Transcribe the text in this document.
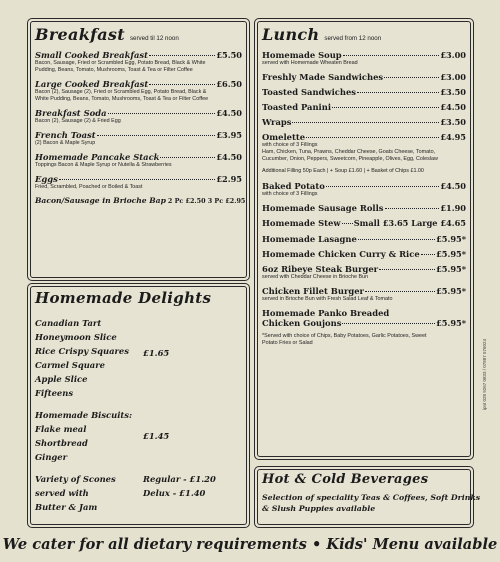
Breakfast served til 12 noon
Small Cooked Breakfast	£5.50
Bacon, Sausage, Fried or Scrambled Egg, Potato Bread, Black & White
Pudding, Beans, Tomato, Mushrooms, Toast & Tea or Filter Coffee
Large Cooked Breakfast	£6.50
Bacon (2), Sausage (2), Fried or Scrambled Egg, Potato Bread, Black &
White Pudding, Beans, Tomato, Mushrooms, Toast & Tea or Filter Coffee
Breakfast Soda	£4.50
Bacon (2), Sausage (2) & Fried Egg
French Toast	£3.95
(2) Bacon & Maple Syrup
Homemade Pancake Stack	£4.50
Toppings Bacon & Maple Syrup or Nutella & Strawberries
Eggs	£2.95
Fried, Scrambled, Poached or Boiled & Toast
Bacon/Sausage in Brioche Bap 2 Pc £2.50 3 Pc £2.95
Homemade Delights
Canadian Tart
Honeymoon Slice
Rice Crispy Squares
Carmel Square
Apple Slice
Fifteens
£1.65
Homemade Biscuits:
Flake meal
Shortbread
Ginger
£1.45
Variety of Scones
served with
Butter & Jam
Regular - £1.20
Delux - £1.40
Lunch served from 12 noon
Homemade Soup	£3.00
served with Homemade Wheaten Bread
Freshly Made Sandwiches	£3.00
Toasted Sandwiches	£3.50
Toasted Panini	£4.50
Wraps	£3.50
Omelette	£4.95
with choice of 3 Fillings
Ham, Chicken, Tuna, Prawns, Cheddar Cheese, Goats Cheese, Tomato,
Cucumber, Onion, Peppers, Sweetcorn, Pineapple, Olives, Egg, Coleslaw
Additional Filling 50p Each | + Soup £1.60 | + Basket of Chips £1.00
Baked Potato	£4.50
with choice of 3 Fillings
Homemade Sausage Rolls	£1.90
Homemade Stew Small £3.65 Large £4.65
Homemade Lasagne	£5.95*
Homemade Chicken Curry & Rice £5.95*
6oz Ribeye Steak Burger	£5.95*
served with Cheddar Cheese in Brioche Bun
Chicken Fillet Burger	£5.95*
served in Brioche Bun with Fresh Salad Leaf & Tomato
Homemade Panko Breaded
Chicken Goujons	£5.95*
*Served with choice of Chips, Baby Potatoes, Garlic Potatoes, Sweet
Potato Fries or Salad
Hot & Cold Beverages
Selection of speciality Teas & Coffees, Soft Drinks
& Slush Puppies available
ipnt 028 9267 0833 / 07887 576024
We cater for all dietary requirements • Kids' Menu available
